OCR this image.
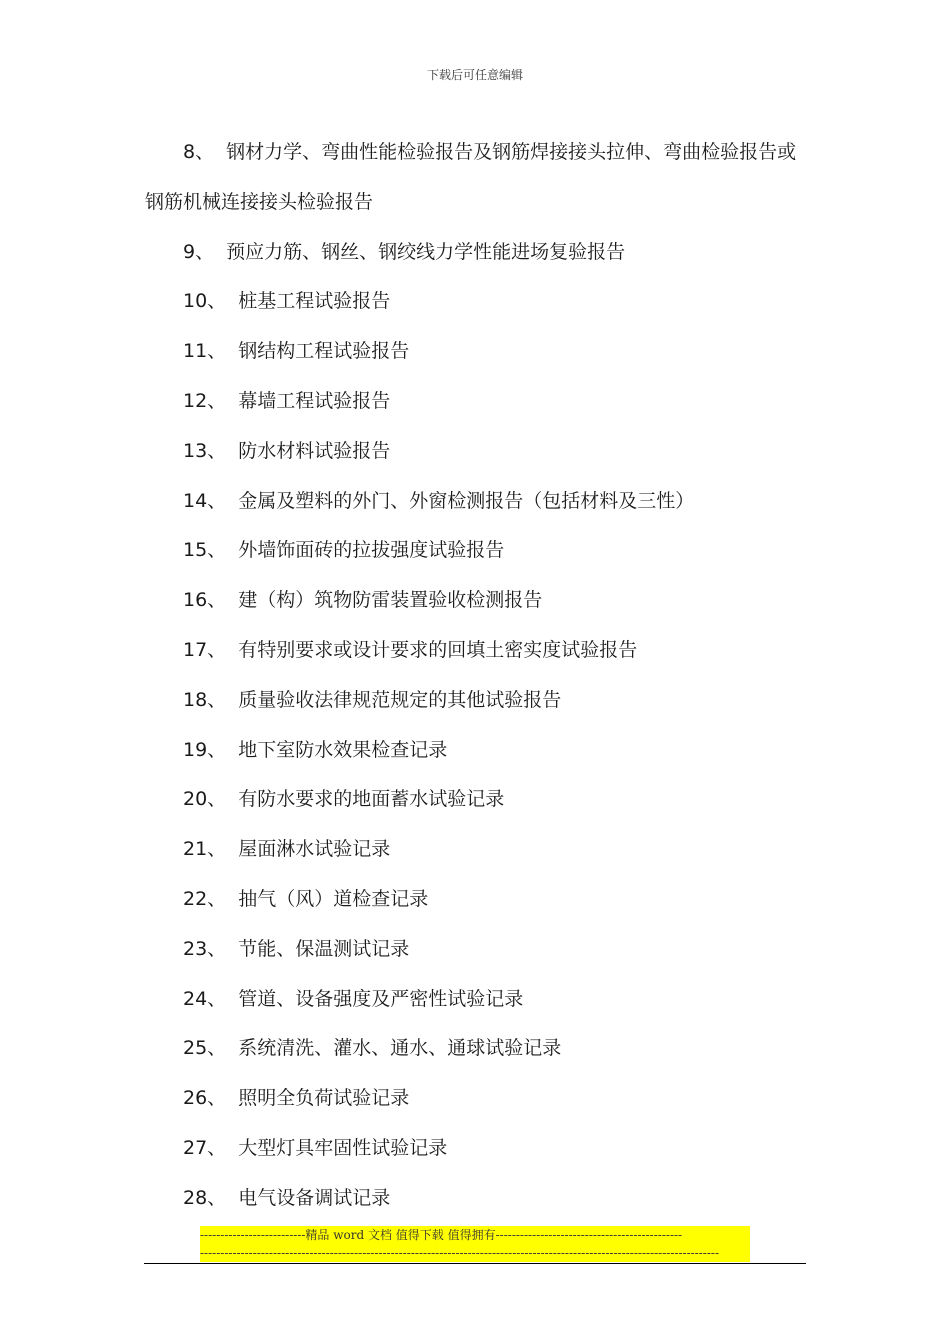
下载后可任意编辑
8、 钢材力学、弯曲性能检验报告及钢筋焊接接头拉伸、弯曲检验报告或
钢筋机械连接接头检验报告
9、 预应力筋、钢丝、钢绞线力学性能进场复验报告
10、 桩基工程试验报告
11、 钢结构工程试验报告
12、 幕墙工程试验报告
13、 防水材料试验报告
14、 金属及塑料的外门、外窗检测报告（包括材料及三性）
15、 外墙饰面砖的拉拔强度试验报告
16、 建（构）筑物防雷装置验收检测报告
17、 有特别要求或设计要求的回填土密实度试验报告
18、 质量验收法律规范规定的其他试验报告
19、 地下室防水效果检查记录
20、 有防水要求的地面蓄水试验记录
21、 屋面淋水试验记录
22、 抽气（风）道检查记录
23、 节能、保温测试记录
24、 管道、设备强度及严密性试验记录
25、 系统清洗、灌水、通水、通球试验记录
26、 照明全负荷试验记录
27、 大型灯具牢固性试验记录
28、 电气设备调试记录
--------------------------精品 word 文档 值得下载 值得拥有----------------------------------------------
--------------------------------------------------------------------------------------------------------------------------------
